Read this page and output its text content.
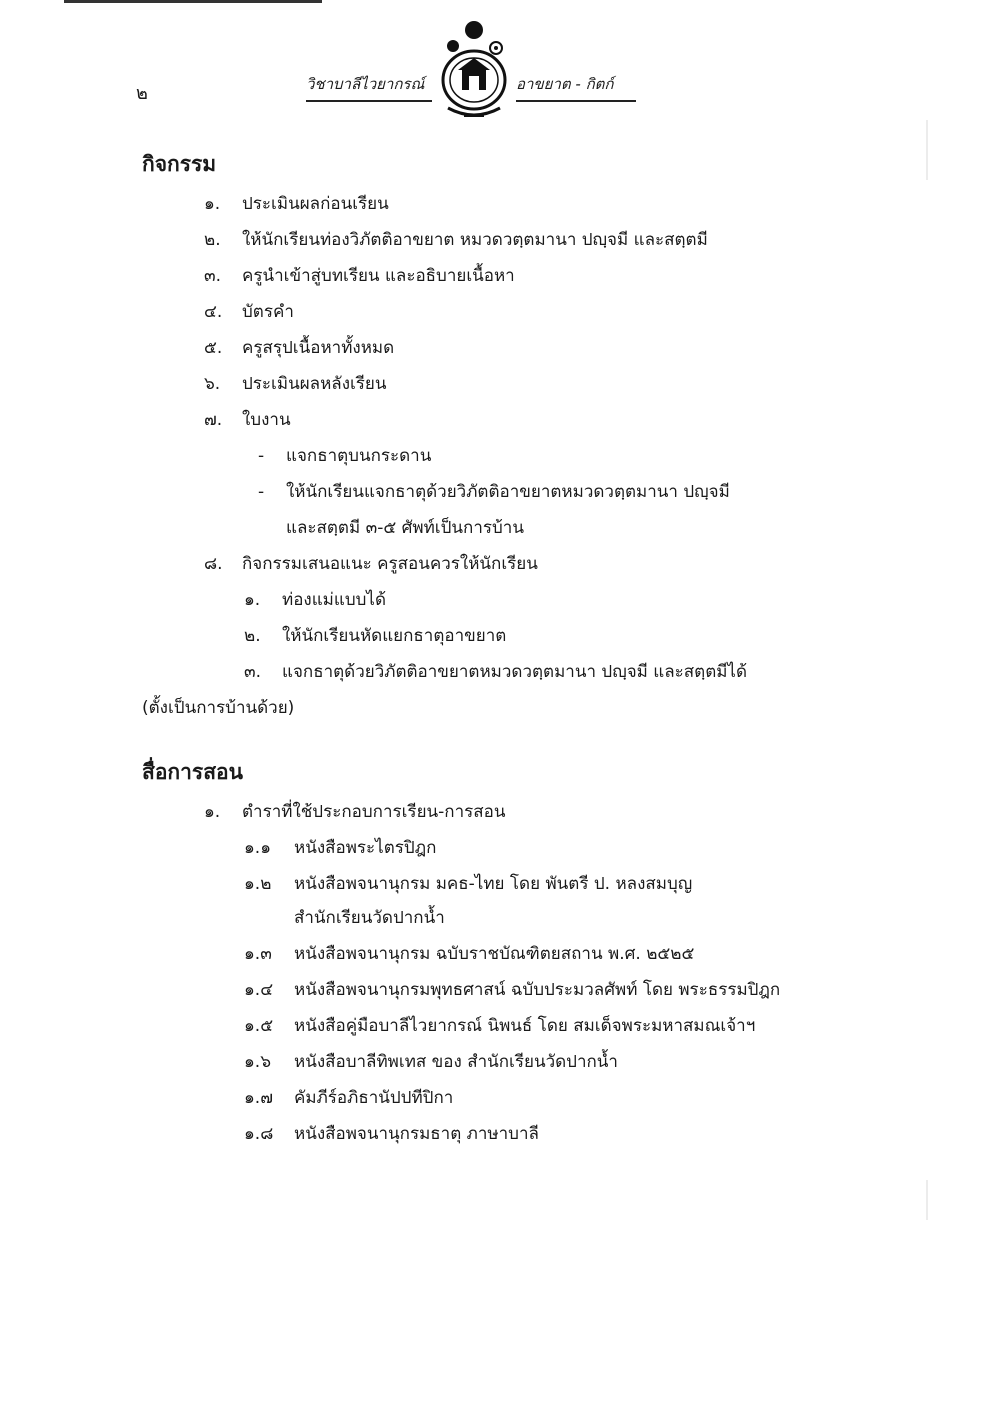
๒	วิชาบาลีไวยากรณ์	อาขยาต - กิตก์
กิจกรรม
๑.	ประเมินผลก่อนเรียน
๒.	ให้นักเรียนท่องวิภัตติอาขยาต หมวดวตฺตมานา ปญฺจมี และสตฺตมี
๓.	ครูนำเข้าสู่บทเรียน และอธิบายเนื้อหา
๔.	บัตรคำ
๕.	ครูสรุปเนื้อหาทั้งหมด
๖.	ประเมินผลหลังเรียน
๗.	ใบงาน
-	แจกธาตุบนกระดาน
-	ให้นักเรียนแจกธาตุด้วยวิภัตติอาขยาตหมวดวตฺตมานา ปญฺจมี
และสตฺตมี ๓-๕ ศัพท์เป็นการบ้าน
๘.	กิจกรรมเสนอแนะ ครูสอนควรให้นักเรียน
๑.	ท่องแม่แบบได้
๒.	ให้นักเรียนหัดแยกธาตุอาขยาต
๓.	แจกธาตุด้วยวิภัตติอาขยาตหมวดวตฺตมานา ปญฺจมี และสตฺตมีได้
(ตั้งเป็นการบ้านด้วย)
สื่อการสอน
๑.	ตำราที่ใช้ประกอบการเรียน-การสอน
๑.๑	หนังสือพระไตรปิฎก
๑.๒	หนังสือพจนานุกรม มคธ-ไทย โดย พันตรี ป. หลงสมบุญ
สำนักเรียนวัดปากน้ำ
๑.๓	หนังสือพจนานุกรม ฉบับราชบัณฑิตยสถาน พ.ศ. ๒๕๒๕
๑.๔	หนังสือพจนานุกรมพุทธศาสน์ ฉบับประมวลศัพท์ โดย พระธรรมปิฎก
๑.๕	หนังสือคู่มือบาลีไวยากรณ์ นิพนธ์ โดย สมเด็จพระมหาสมณเจ้าฯ
๑.๖	หนังสือบาลีทิพเทส ของ สำนักเรียนวัดปากน้ำ
๑.๗	คัมภีร์อภิธานัปปทีปิกา
๑.๘	หนังสือพจนานุกรมธาตุ ภาษาบาลี
